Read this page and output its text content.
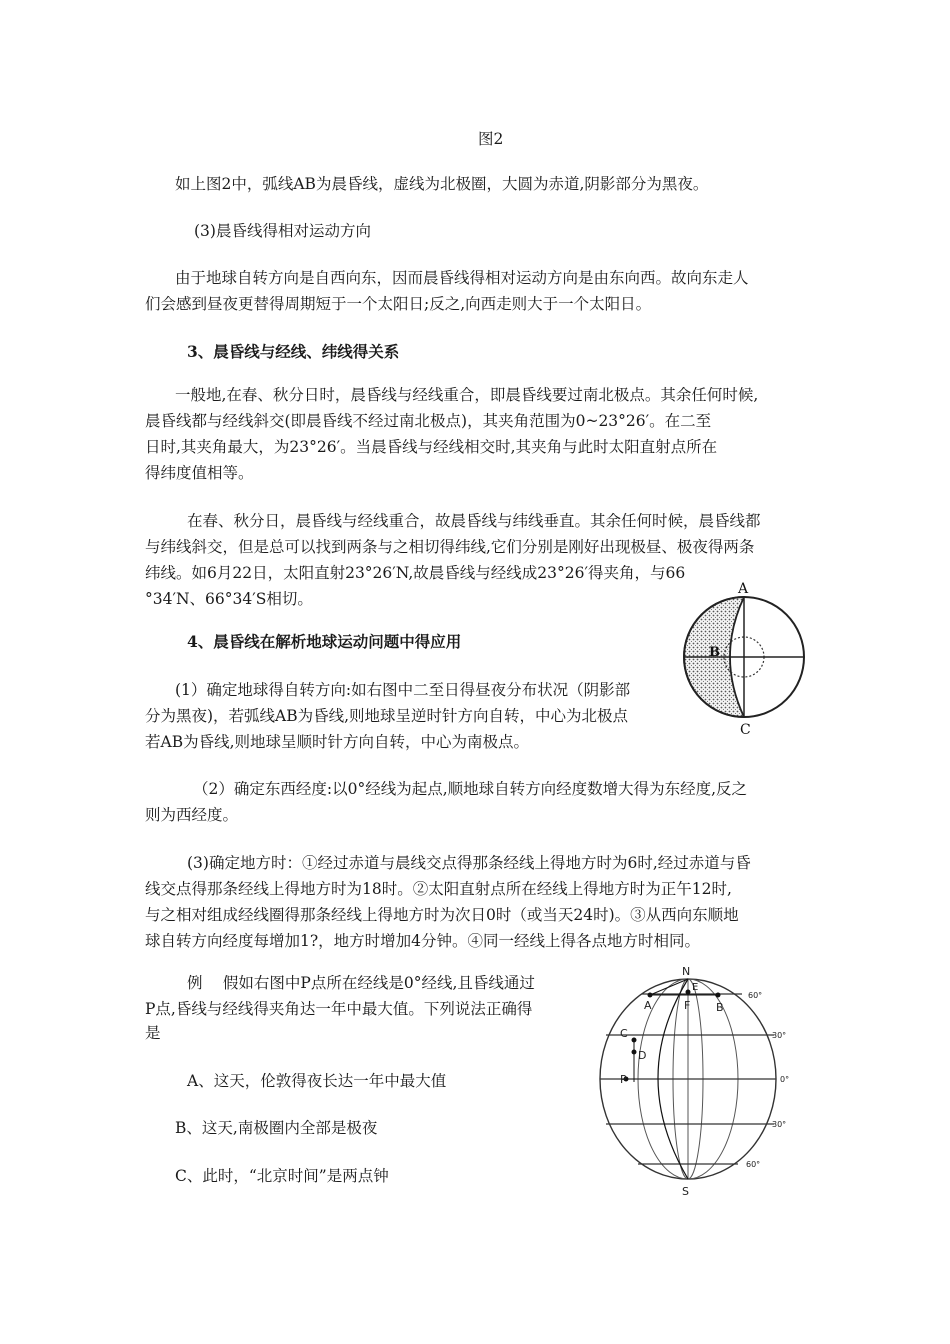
图2

如上图2中，弧线AB为晨昏线，虚线为北极圈，大圆为赤道,阴影部分为黑夜。

(3)晨昏线得相对运动方向

由于地球自转方向是自西向东，因而晨昏线得相对运动方向是由东向西。故向东走人

们会感到昼夜更替得周期短于一个太阳日;反之,向西走则大于一个太阳日。

3、晨昏线与经线、纬线得关系

一般地,在春、秋分日时，晨昏线与经线重合，即晨昏线要过南北极点。其余任何时候,

晨昏线都与经线斜交(即晨昏线不经过南北极点)，其夹角范围为0~23°26′。在二至

日时,其夹角最大，为23°26′。当晨昏线与经线相交时,其夹角与此时太阳直射点所在

得纬度值相等。

在春、秋分日，晨昏线与经线重合，故晨昏线与纬线垂直。其余任何时候，晨昏线都

与纬线斜交，但是总可以找到两条与之相切得纬线,它们分别是刚好出现极昼、极夜得两条

纬线。如6月22日，太阳直射23°26′N,故晨昏线与经线成23°26′得夹角，与66

°34′N、66°34′S相切。

4、晨昏线在解析地球运动问题中得应用

(1）确定地球得自转方向:如右图中二至日得昼夜分布状况（阴影部

分为黑夜)，若弧线AB为昏线,则地球呈逆时针方向自转，中心为北极点

若AB为昏线,则地球呈顺时针方向自转，中心为南极点。

（2）确定东西经度:以0°经线为起点,顺地球自转方向经度数增大得为东经度,反之

则为西经度。

(3)确定地方时：①经过赤道与晨线交点得那条经线上得地方时为6时,经过赤道与昏

线交点得那条经线上得地方时为18时。②太阳直射点所在经线上得地方时为正午12时,

与之相对组成经线圈得那条经线上得地方时为次日0时（或当天24时)。③从西向东顺地

球自转方向经度每增加1?，地方时增加4分钟。④同一经线上得各点地方时相同。

例　 假如右图中P点所在经线是0°经线,且昏线通过

P点,昏线与经线得夹角达一年中最大值。下列说法正确得

是

A、这天，伦敦得夜长达一年中最大值

B、这天,南极圈内全部是极夜

C、此时，“北京时间”是两点钟

A
B
C
N
E
A	F B
C
D
P
S
60°
30°
0°
30°
60°
